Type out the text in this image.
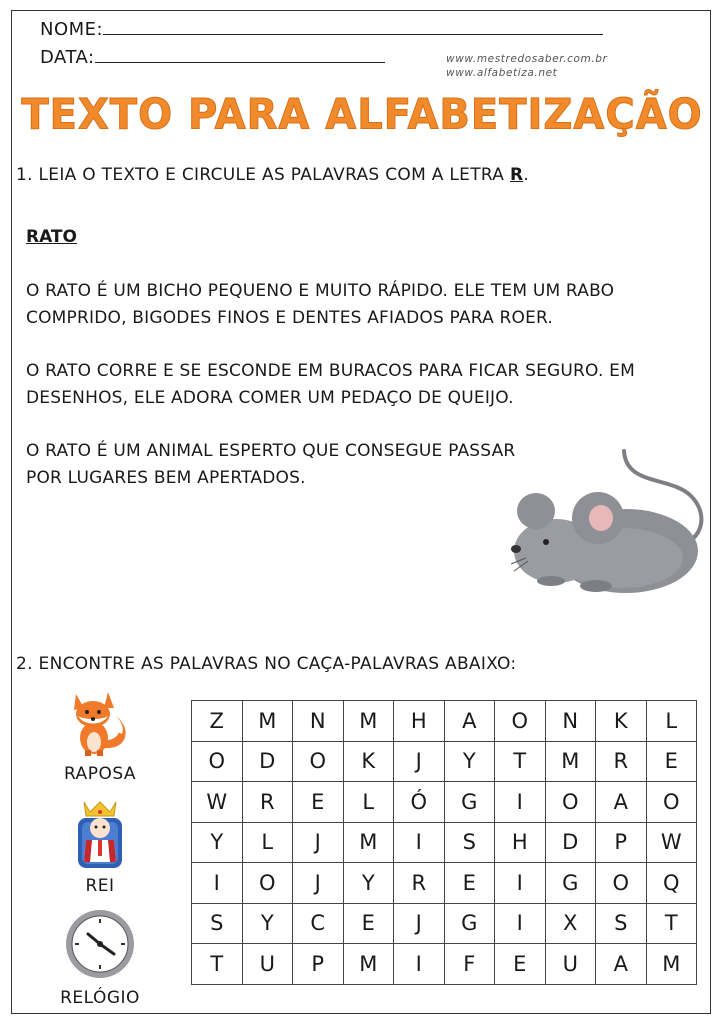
NOME:
DATA:	www.mestredosaber.com.br
www.alfabetiza.net
TEXTO PARA ALFABETIZAÇÃO
1. LEIA O TEXTO E CIRCULE AS PALAVRAS COM A LETRA R.
RATO
O RATO É UM BICHO PEQUENO E MUITO RÁPIDO. ELE TEM UM RABO COMPRIDO, BIGODES FINOS E DENTES AFIADOS PARA ROER.
O RATO CORRE E SE ESCONDE EM BURACOS PARA FICAR SEGURO. EM DESENHOS, ELE ADORA COMER UM PEDAÇO DE QUEIJO.
O RATO É UM ANIMAL ESPERTO QUE CONSEGUE PASSAR POR LUGARES BEM APERTADOS.
2. ENCONTRE AS PALAVRAS NO CAÇA-PALAVRAS ABAIXO:
RAPOSA
REI
RELÓGIO
Z	M	N	M	H	A	O	N	K	L
O	D	O	K	J	Y	T	M	R	E
W	R	E	L	Ó	G	I	O	A	O
Y	L	J	M	I	S	H	D	P	W
I	O	J	Y	R	E	I	G	O	Q
S	Y	C	E	J	G	I	X	S	T
T	U	P	M	I	F	E	U	A	M
